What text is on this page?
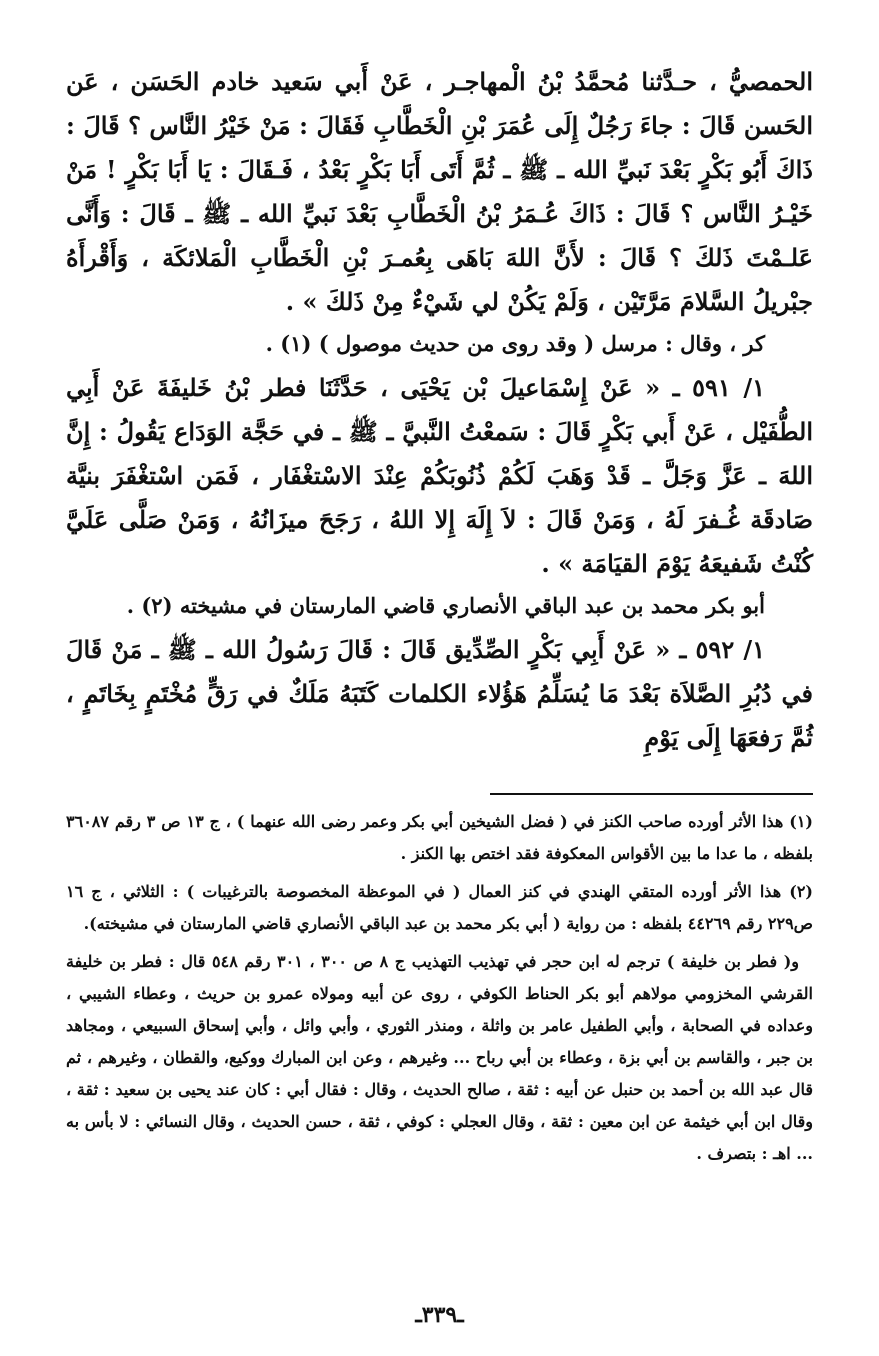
الحمصيُّ ، حـدَّثنا مُحمَّدُ بْنُ الْمهاجـر ، عَنْ أَبي سَعيد خادم الحَسَن ، عَن الحَسن قَالَ : جاءَ رَجُلٌ إِلَى عُمَرَ بْنِ الْخَطَّابِ فَقَالَ : مَنْ خَيْرُ النَّاس ؟ قَالَ : ذَاكَ أَبُو بَكْرٍ بَعْدَ نَبيِّ الله ـ ﷺ ـ ثُمَّ أَتَى أَبَا بَكْرٍ بَعْدُ ، فَـقَالَ : يَا أَبَا بَكْرٍ ! مَنْ خَيْـرُ النَّاس ؟ قَالَ : ذَاكَ عُـمَرُ بْنُ الْخَطَّابِ بَعْدَ نَبيِّ الله ـ ﷺ ـ قَالَ : وَأَنَّى عَلـمْتَ ذَلكَ ؟ قَالَ : لأَنَّ اللهَ بَاهَى بِعُمـرَ بْنِ الْخَطَّابِ الْمَلائكَة ، وَأَقْرأَهُ جبْريلُ السَّلامَ مَرَّتَيْن ، وَلَمْ يَكُنْ لي شَيْءٌ مِنْ ذَلكَ » .

كر ، وقال : مرسل ( وقد روى من حديث موصول ) (١) .

١/ ٥٩١ ـ « عَنْ إِسْمَاعيلَ بْن يَحْيَى ، حَدَّثَنَا فطر بْنُ خَليفَةَ عَنْ أَبِي الطُّفَيْل ، عَنْ أَبي بَكْرٍ قَالَ : سَمعْتُ النَّبيَّ ـ ﷺ ـ في حَجَّة الوَدَاع يَقُولُ : إِنَّ اللهَ ـ عَزَّ وَجَلَّ ـ قَدْ وَهَبَ لَكُمْ ذُنُوبَكُمْ عِنْدَ الاسْتغْفَار ، فَمَن اسْتغْفَرَ بنيَّة صَادقَة غُـفرَ لَهُ ، وَمَنْ قَالَ : لاَ إِلَهَ إِلا اللهُ ، رَجَحَ ميزَانُهُ ، وَمَنْ صَلَّى عَلَيَّ كُنْتُ شَفيعَهُ يَوْمَ القيَامَة » .

أبو بكر محمد بن عبد الباقي الأنصاري قاضي المارستان في مشيخته (٢) .

١/ ٥٩٢ ـ « عَنْ أَبِي بَكْرٍ الصِّدِّيق قَالَ : قَالَ رَسُولُ الله ـ ﷺ ـ مَنْ قَالَ في دُبُرِ الصَّلاَة بَعْدَ مَا يُسَلِّمُ هَؤُلاء الكلمات كَتَبَهُ مَلَكٌ في رَقٍّ مُخْتَمٍ بِخَاتَمٍ ، ثُمَّ رَفعَهَا إِلَى يَوْمِ

(١) هذا الأثر أورده صاحب الكنز في ( فضل الشيخين أبي بكر وعمر رضى الله عنهما ) ، ج ١٣ ص ٣ رقم ٣٦٠٨٧ بلفظه ، ما عدا ما بين الأقواس المعكوفة فقد اختص بها الكنز .

(٢) هذا الأثر أورده المتقي الهندي في كنز العمال ( في الموعظة المخصوصة بالترغيبات ) : الثلاثي ، ج ١٦ ص٢٢٩ رقم ٤٤٢٦٩ بلفظه : من رواية ( أبي بكر محمد بن عبد الباقي الأنصاري قاضي المارستان في مشيخته).

و( فطر بن خليفة ) ترجم له ابن حجر في تهذيب التهذيب ج ٨ ص ٣٠٠ ، ٣٠١ رقم ٥٤٨ قال : فطر بن خليفة القرشي المخزومي مولاهم أبو بكر الحناط الكوفي ، روى عن أبيه ومولاه عمرو بن حريث ، وعطاء الشيبي ، وعداده في الصحابة ، وأبي الطفيل عامر بن واثلة ، ومنذر الثوري ، وأبي وائل ، وأبي إسحاق السبيعي ، ومجاهد بن جبر ، والقاسم بن أبي بزة ، وعطاء بن أبي رباح ... وغيرهم ، وعن ابن المبارك ووكيع، والقطان ، وغيرهم ، ثم قال عبد الله بن أحمد بن حنبل عن أبيه : ثقة ، صالح الحديث ، وقال : فقال أبي : كان عند يحيى بن سعيد : ثقة ، وقال ابن أبي خيثمة عن ابن معين : ثقة ، وقال العجلي : كوفي ، ثقة ، حسن الحديث ، وقال النسائي : لا بأس به ... اهـ : بتصرف .

ـ٣٣٩ـ
